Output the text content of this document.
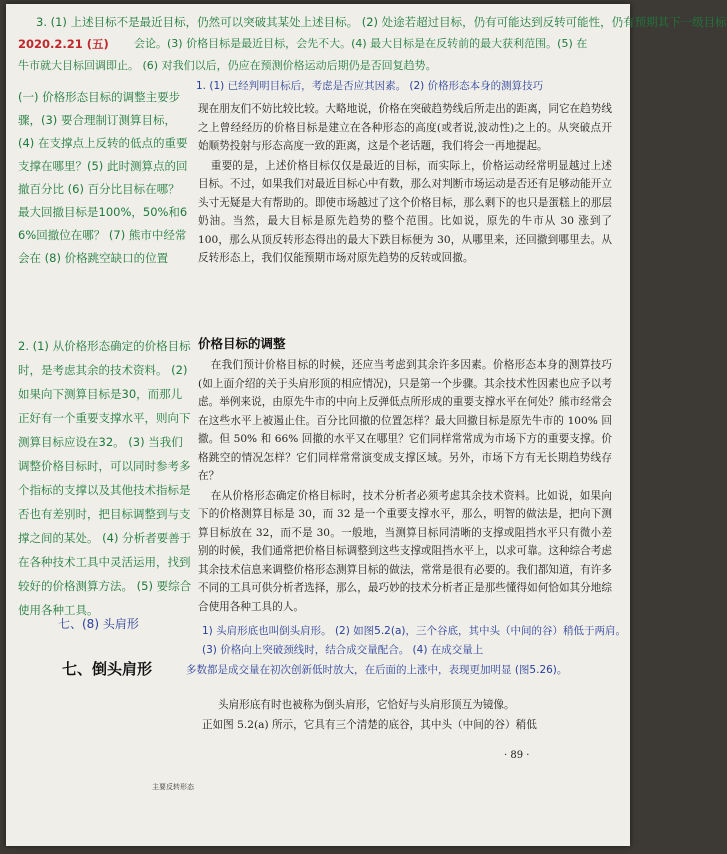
3. (1) 上述目标不是最近目标，仍然可以突破其某处上述目标。 (2) 处途若超过目标，仍有可能达到反转可能性，仍有预期其下一级目标
2020.2.21 (五) 会论。(3) 价格目标是最近目标，会先不大。(4) 最大目标是在反转前的最大获利范围。(5) 在
牛市就大目标回调即止。 (6) 对我们以后，仍应在预测价格运动后期仍是否回复趋势。
1. (1) 已经判明目标后，考虑是否应其因素。 (2) 价格形态本身的测算技巧
(一) 价格形态目标的调整主要步骤，(3) 要合理制订测算目标，(4) 在支撑点上反转的低点的重要支撑在哪里？(5) 此时测算点的回撤百分比 (6) 百分比目标在哪？ 最大回撤目标是100%，50%和66%回撤位在哪？ (7) 熊市中经常会在 (8) 价格跳空缺口的位置
2. (1) 从价格形态确定的价格目标时，是考虑其余的技术资料。 (2) 如果向下测算目标是30，而那儿正好有一个重要支撑水平，则向下测算目标应设在32。 (3) 当我们调整价格目标时，可以同时参考多个指标的支撑以及其他技术指标是否也有差别时，把目标调整到与支撑之间的某处。 (4) 分析者要善于在各种技术工具中灵活运用，找到较好的价格测算方法。 (5) 要综合使用各种工具。

现在朋友们不妨比较比较。大略地说，价格在突破趋势线后所走出的距离，同它在趋势线之上曾经经历的价格目标是建立在各种形态的高度(或者说,波动性)之上的。从突破点开始顺势投射与形态高度一致的距离，这是个老话题，我们将会一再地提起。

重要的是，上述价格目标仅仅是最近的目标，而实际上，价格运动经常明显越过上述目标。不过，如果我们对最近目标心中有数，那么对判断市场运动是否还有足够动能开立头寸无疑是大有帮助的。即使市场越过了这个价格目标，那么剩下的也只是蛋糕上的那层奶油。当然，最大目标是原先趋势的整个范围。比如说，原先的牛市从 30 涨到了 100，那么从顶反转形态得出的最大下跌目标便为 30，从哪里来，还回撤到哪里去。从反转形态上，我们仅能预期市场对原先趋势的反转或回撤。

价格目标的调整

在我们预计价格目标的时候，还应当考虑到其余许多因素。价格形态本身的测算技巧(如上面介绍的关于头肩形顶的相应情况)，只是第一个步骤。其余技术性因素也应予以考虑。举例来说，由原先牛市的中向上反弹低点所形成的重要支撑水平在何处？熊市经常会在这些水平上被遏止住。百分比回撤的位置怎样？最大回撤目标是原先牛市的 100% 回撤。但 50% 和 66% 回撤的水平又在哪里？它们同样常常成为市场下方的重要支撑。价格跳空的情况怎样？它们同样常常演变成支撑区域。另外，市场下方有无长期趋势线存在？

在从价格形态确定价格目标时，技术分析者必须考虑其余技术资料。比如说，如果向下的价格测算目标是 30，而 32 是一个重要支撑水平，那么，明智的做法是，把向下测算目标放在 32，而不是 30。一般地，当测算目标同清晰的支撑或阻挡水平只有微小差别的时候，我们通常把价格目标调整到这些支撑或阻挡水平上，以求可靠。这种综合考虑其余技术信息来调整价格形态测算目标的做法，常常是很有必要的。我们都知道，有许多不同的工具可供分析者选择，那么，最巧妙的技术分析者正是那些懂得如何恰如其分地综合使用各种工具的人。

七、(8) 头肩形	1) 头肩形底也叫倒头肩形。 (2) 如图5.2(a)，三个谷底，其中头（中间的谷）稍低于两肩。 (3) 价格向上突破颈线时，结合成交量配合。 (4) 在成交量上
七、倒头肩形	多数都是成交量在初次创新低时放大，在后面的上涨中，表现更加明显 (图5.26)。

头肩形底有时也被称为倒头肩形，它恰好与头肩形顶互为镜像。

正如图 5.2(a) 所示，它具有三个清楚的底谷，其中头（中间的谷）稍低

主要反转形态
· 89 ·
